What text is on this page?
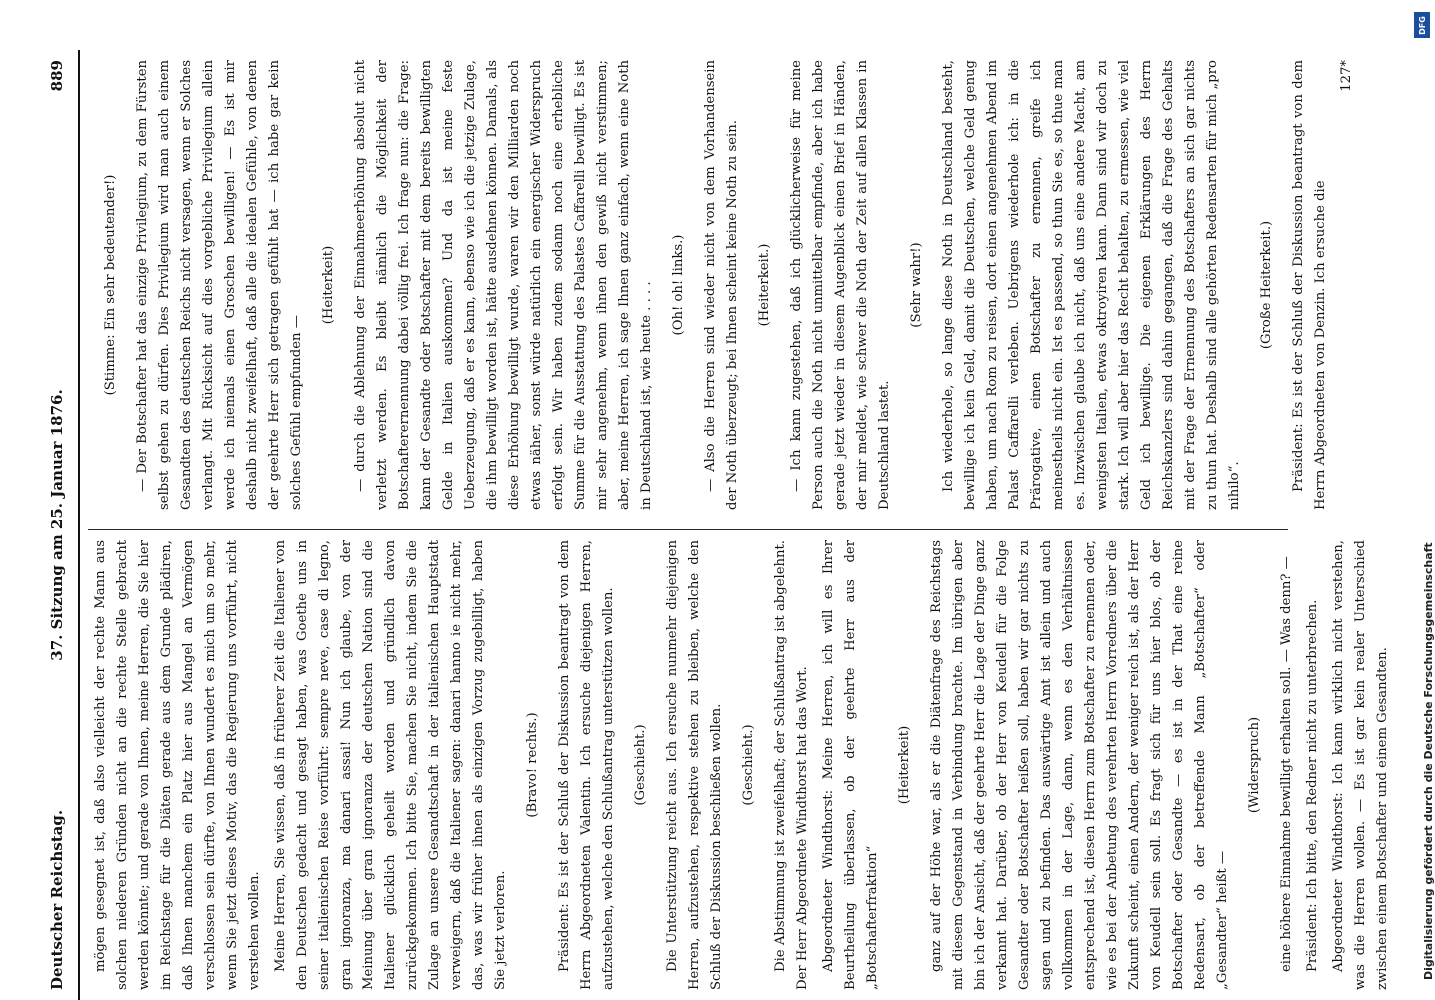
Deutscher Reichstag.
37. Sitzung am 25. Januar 1876.
889

mögen gesegnet ist, daß also vielleicht der rechte Mann aus solchen niederen Gründen nicht an die rechte Stelle gebracht werden könnte; und gerade von Ihnen, meine Herren, die Sie hier im Reichstage für die Diäten gerade aus dem Grunde plädiren, daß Ihnen manchem ein Platz hier aus Mangel an Vermögen verschlossen sein dürfte, von Ihnen wundert es mich um so mehr, wenn Sie jetzt dieses Motiv, das die Regierung uns vorführt, nicht verstehen wollen. Meine Herren, Sie wissen, daß in früherer Zeit die Italiener von den Deutschen gedacht und gesagt haben, was Goethe uns in seiner italienischen Reise vorführt: sempre neve, case di legno, gran ignoranza, ma danari assai! Nun ich glaube, von der Meinung über gran ignoranza der deutschen Nation sind die Italiener glücklich geheilt worden und gründlich davon zurückgekommen. Ich bitte Sie, machen Sie nicht, indem Sie die Zulage an unsere Gesandtschaft in der italienischen Hauptstadt verweigern, daß die Italiener sagen: danari hanno ie nicht mehr, das, was wir früher ihnen als einzigen Vorzug zugebilligt, haben Sie jetzt verloren.

(Bravo! rechts.)	Präsident: Es ist der Schluß der Diskussion beantragt von dem Herrn Abgeordneten Valentin. Ich ersuche diejenigen Herren, aufzustehen, welche den Schlußantrag unterstützen wollen.	(Geschieht.)	Die Unterstützung reicht aus. Ich ersuche nunmehr diejenigen Herren, aufzustehen, respektive stehen zu bleiben, welche den Schluß der Diskussion beschließen wollen.	(Geschieht.)	Die Abstimmung ist zweifelhaft; der Schlußantrag ist abgelehnt. Der Herr Abgeordnete Windthorst hat das Wort. Abgeordneter Windthorst: Meine Herren, ich will es Ihrer Beurtheilung überlassen, ob der geehrte Herr aus der „Botschafterfraktion“

(Heiterkeit)	ganz auf der Höhe war, als er die Diätenfrage des Reichstags mit diesem Gegenstand in Verbindung brachte. Im übrigen aber bin ich der Ansicht, daß der geehrte Herr die Lage der Dinge ganz verkannt hat. Darüber, ob der Herr von Keudell für die Folge Gesandter oder Botschafter heißen soll, haben wir gar nichts zu sagen und zu befinden. Das auswärtige Amt ist allein und auch vollkommen in der Lage, dann, wenn es den Verhältnissen entsprechend ist, diesen Herrn zum Botschafter zu ernennen oder, wie es bei der Anbetung des verehrten Herrn Vorredners über die Zukunft scheint, einen Andern, der weniger reich ist, als der Herr von Keudell sein soll. Es fragt sich für uns hier blos, ob der Botschafter oder Gesandte — es ist in der That eine reine Redensart, ob der betreffende Mann „Botschafter“ oder „Gesandter“ heißt —

(Widerspruch)	eine höhere Einnahme bewilligt erhalten soll. — Was denn? — Präsident: Ich bitte, den Redner nicht zu unterbrechen. Abgeordneter Windthorst: Ich kann wirklich nicht verstehen, was die Herren wollen. — Es ist gar kein realer Unterschied zwischen einem Botschafter und einem Gesandten.

(Stimme: Ein sehr bedeutender!)	— Der Botschafter hat das einzige Privilegium, zu dem Fürsten selbst gehen zu dürfen. Dies Privilegium wird man auch einem Gesandten des deutschen Reichs nicht versagen, wenn er Solches verlangt. Mit Rücksicht auf dies vorgebliche Privilegium allein werde ich niemals einen Groschen bewilligen! — Es ist mir deshalb nicht zweifelhaft, daß alle die idealen Gefühle, von denen der geehrte Herr sich getragen gefühlt hat — ich habe gar kein solches Gefühl empfunden —

(Heiterkeit)	— durch die Ablehnung der Einnahmeerhöhung absolut nicht verletzt werden. Es bleibt nämlich die Möglichkeit der Botschafterernennung dabei völlig frei. Ich frage nun: die Frage: kann der Gesandte oder Botschafter mit dem bereits bewilligten Gelde in Italien auskommen? Und da ist meine feste Ueberzeugung, daß er es kann, ebenso wie ich die jetzige Zulage, die ihm bewilligt worden ist, hätte ausdehnen können. Damals, als diese Erhöhung bewilligt wurde, waren wir den Milliarden noch etwas näher, sonst würde natürlich ein energischer Widerspruch erfolgt sein. Wir haben zudem sodann noch eine erhebliche Summe für die Ausstattung des Palastes Caffarelli bewilligt. Es ist mir sehr angenehm, wenn ihnen den gewiß nicht verstimmen; aber, meine Herren, ich sage Ihnen ganz einfach, wenn eine Noth in Deutschland ist, wie heute . . . .	(Oh! oh! links.)	— Also die Herren sind wieder nicht von dem Vorhandensein der Noth überzeugt; bei Ihnen scheint keine Noth zu sein.	(Heiterkeit.)	— Ich kann zugestehen, daß ich glücklicherweise für meine Person auch die Noth nicht unmittelbar empfinde, aber ich habe gerade jetzt wieder in diesem Augenblick einen Brief in Händen, der mir meldet, wie schwer die Noth der Zeit auf allen Klassen in Deutschland lastet.

(Sehr wahr!)	Ich wiederhole, so lange diese Noth in Deutschland besteht, bewillige ich kein Geld, damit die Deutschen, welche Geld genug haben, um nach Rom zu reisen, dort einen angenehmen Abend im Palast Caffarelli verleben. Uebrigens wiederhole ich: in die Prärogative, einen Botschafter zu ernennen, greife ich meinestheils nicht ein. Ist es passend, so thun Sie es, so thue man es. Inzwischen glaube ich nicht, daß uns eine andere Macht, am wenigsten Italien, etwas oktroyiren kann. Dann sind wir doch zu stark. Ich will aber hier das Recht behalten, zu ermessen, wie viel Geld ich bewillige. Die eigenen Erklärungen des Herrn Reichskanzlers sind dahin gegangen, daß die Frage des Gehalts mit der Frage der Ernennung des Botschafters an sich gar nichts zu thun hat. Deshalb sind alle gehörten Redensarten für mich „pro nihilo“.

(Große Heiterkeit.)	Präsident: Es ist der Schluß der Diskussion beantragt von dem Herrn Abgeordneten von Denzin. Ich ersuche die

127*

DFG
Digitalisierung gefördert durch die Deutsche Forschungsgemeinschaft
